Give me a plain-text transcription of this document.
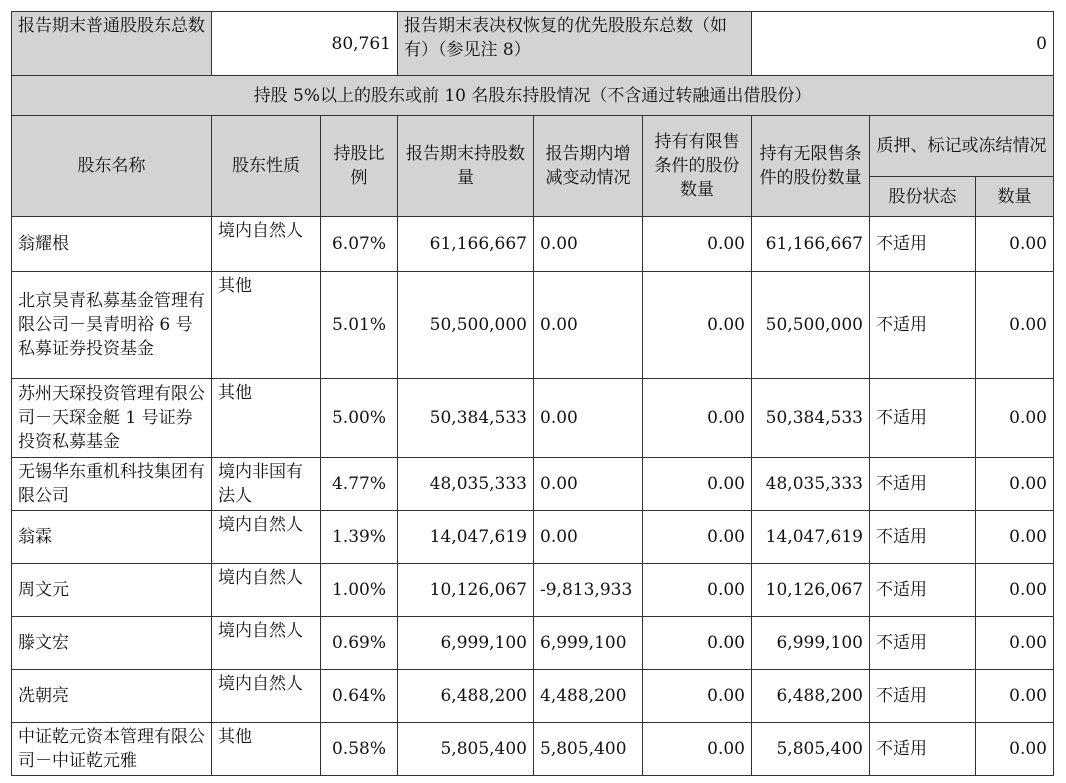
报告期末普通股股东总数	80,761		报告期末表决权恢复的优先股股东总数（如有）（参见注 8）			0		
持股 5%以上的股东或前 10 名股东持股情况（不含通过转融通出借股份）								
股东名称	股东性质	持股比例	报告期末持股数量	报告期内增减变动情况	持有有限售条件的股份数量	持有无限售条件的股份数量	质押、标记或冻结情况	
							股份状态	数量
翁耀根	境内自然人	6.07%	61,166,667	0.00	0.00	61,166,667	不适用	0.00
北京昊青私募基金管理有限公司－昊青明裕 6 号私募证券投资基金	其他	5.01%	50,500,000	0.00	0.00	50,500,000	不适用	0.00
苏州天琛投资管理有限公司－天琛金艇 1 号证券投资私募基金	其他	5.00%	50,384,533	0.00	0.00	50,384,533	不适用	0.00
无锡华东重机科技集团有限公司	境内非国有法人	4.77%	48,035,333	0.00	0.00	48,035,333	不适用	0.00
翁霖	境内自然人	1.39%	14,047,619	0.00	0.00	14,047,619	不适用	0.00
周文元	境内自然人	1.00%	10,126,067	-9,813,933	0.00	10,126,067	不适用	0.00
滕文宏	境内自然人	0.69%	6,999,100	6,999,100	0.00	6,999,100	不适用	0.00
冼朝亮	境内自然人	0.64%	6,488,200	4,488,200	0.00	6,488,200	不适用	0.00
中证乾元资本管理有限公司－中证乾元雅	其他	0.58%	5,805,400	5,805,400	0.00	5,805,400	不适用	0.00
